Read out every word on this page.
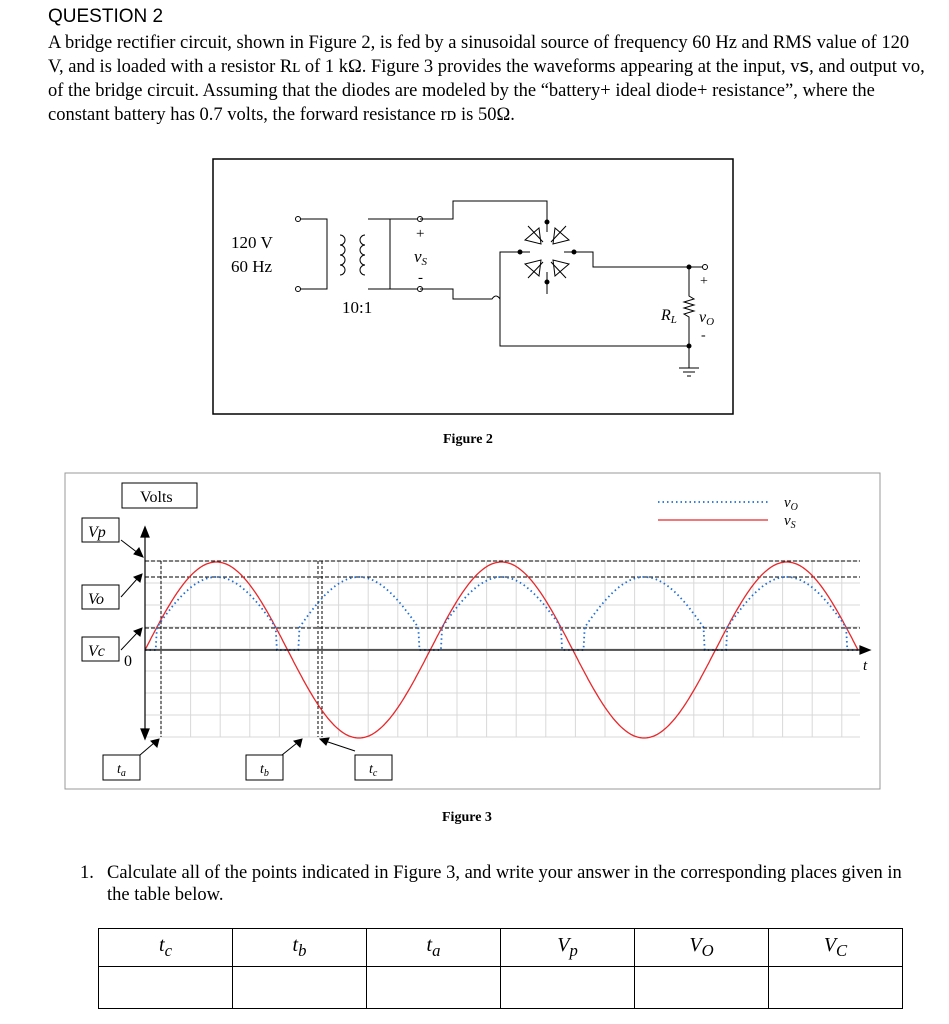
QUESTION 2
A bridge rectifier circuit, shown in Figure 2, is fed by a sinusoidal source of frequency 60 Hz and RMS value of 120 V, and is loaded with a resistor Rʟ of 1 kΩ. Figure 3 provides the waveforms appearing at the input, vꜱ, and output vᴏ, of the bridge circuit. Assuming that the diodes are modeled by the “battery+ ideal diode+ resistance”, where the constant battery has 0.7 volts, the forward resistance rᴅ is 50Ω.
120 V
60 Hz
10:1
+
-
vS
RL vO
+
-
Figure 2
Volts
Vp
Vo
Vc
0
$t_a$	$t_b$	$t_c$
t
$v_O$
$v_S$
Figure 3
1. Calculate all of the points indicated in Figure 3, and write your answer in the corresponding places given in the table below.
$t_c$	$t_b$	$t_a$	$V_p$	$V_O$	$V_C$
